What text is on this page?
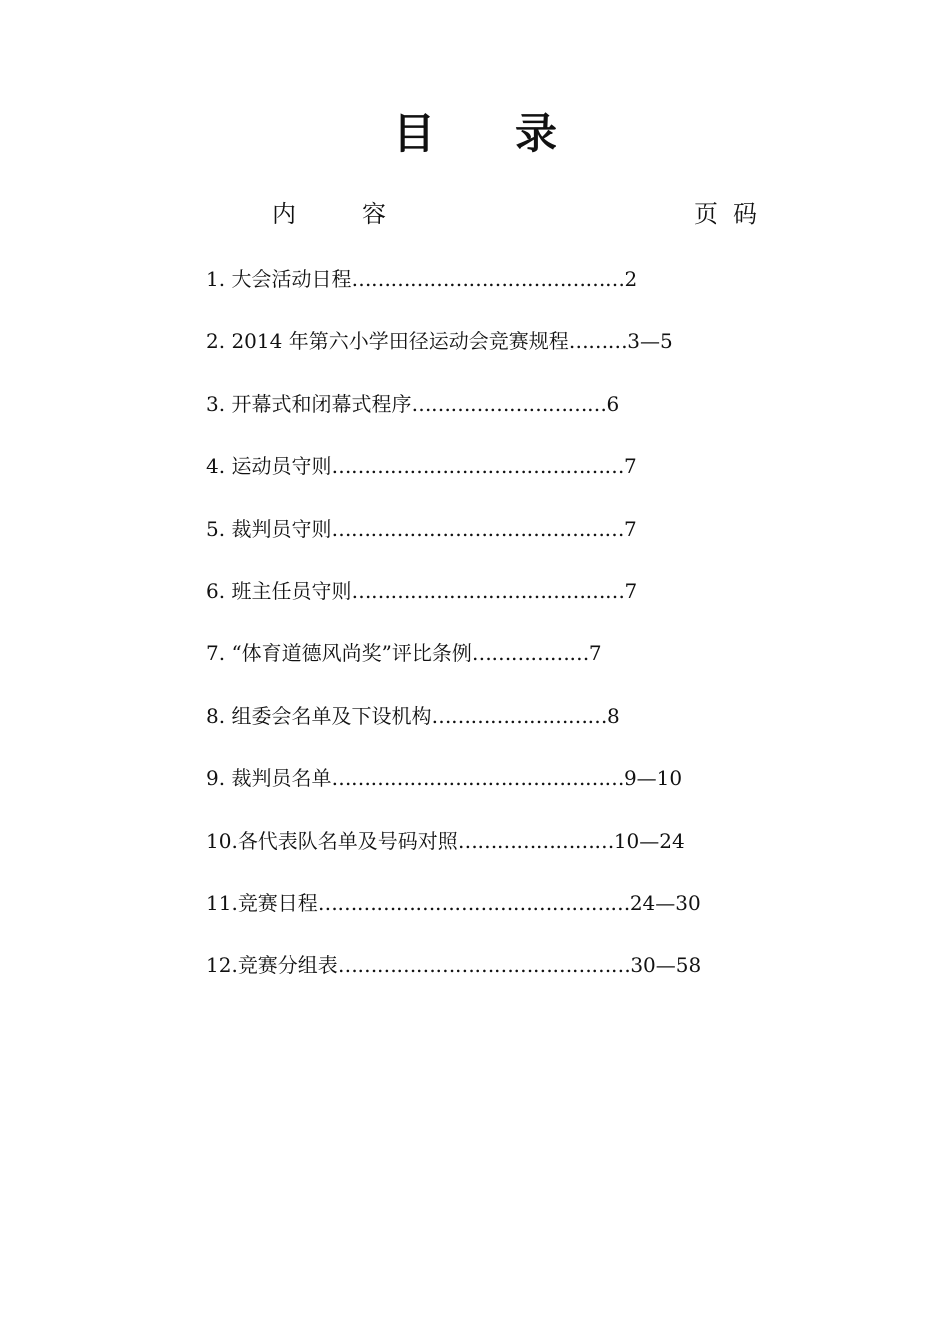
目 录
内	容	页 码
1. 大会活动日程……………………………………2
2. 2014 年第六小学田径运动会竞赛规程………3—5
3. 开幕式和闭幕式程序…………………………6
4. 运动员守则………………………………………7
5. 裁判员守则………………………………………7
6. 班主任员守则……………………………………7
7. “体育道德风尚奖”评比条例………………7
8. 组委会名单及下设机构………………………8
9. 裁判员名单………………………………………9—10
10.各代表队名单及号码对照……………………10—24
11.竞赛日程…………………………………………24—30
12.竞赛分组表………………………………………30—58
